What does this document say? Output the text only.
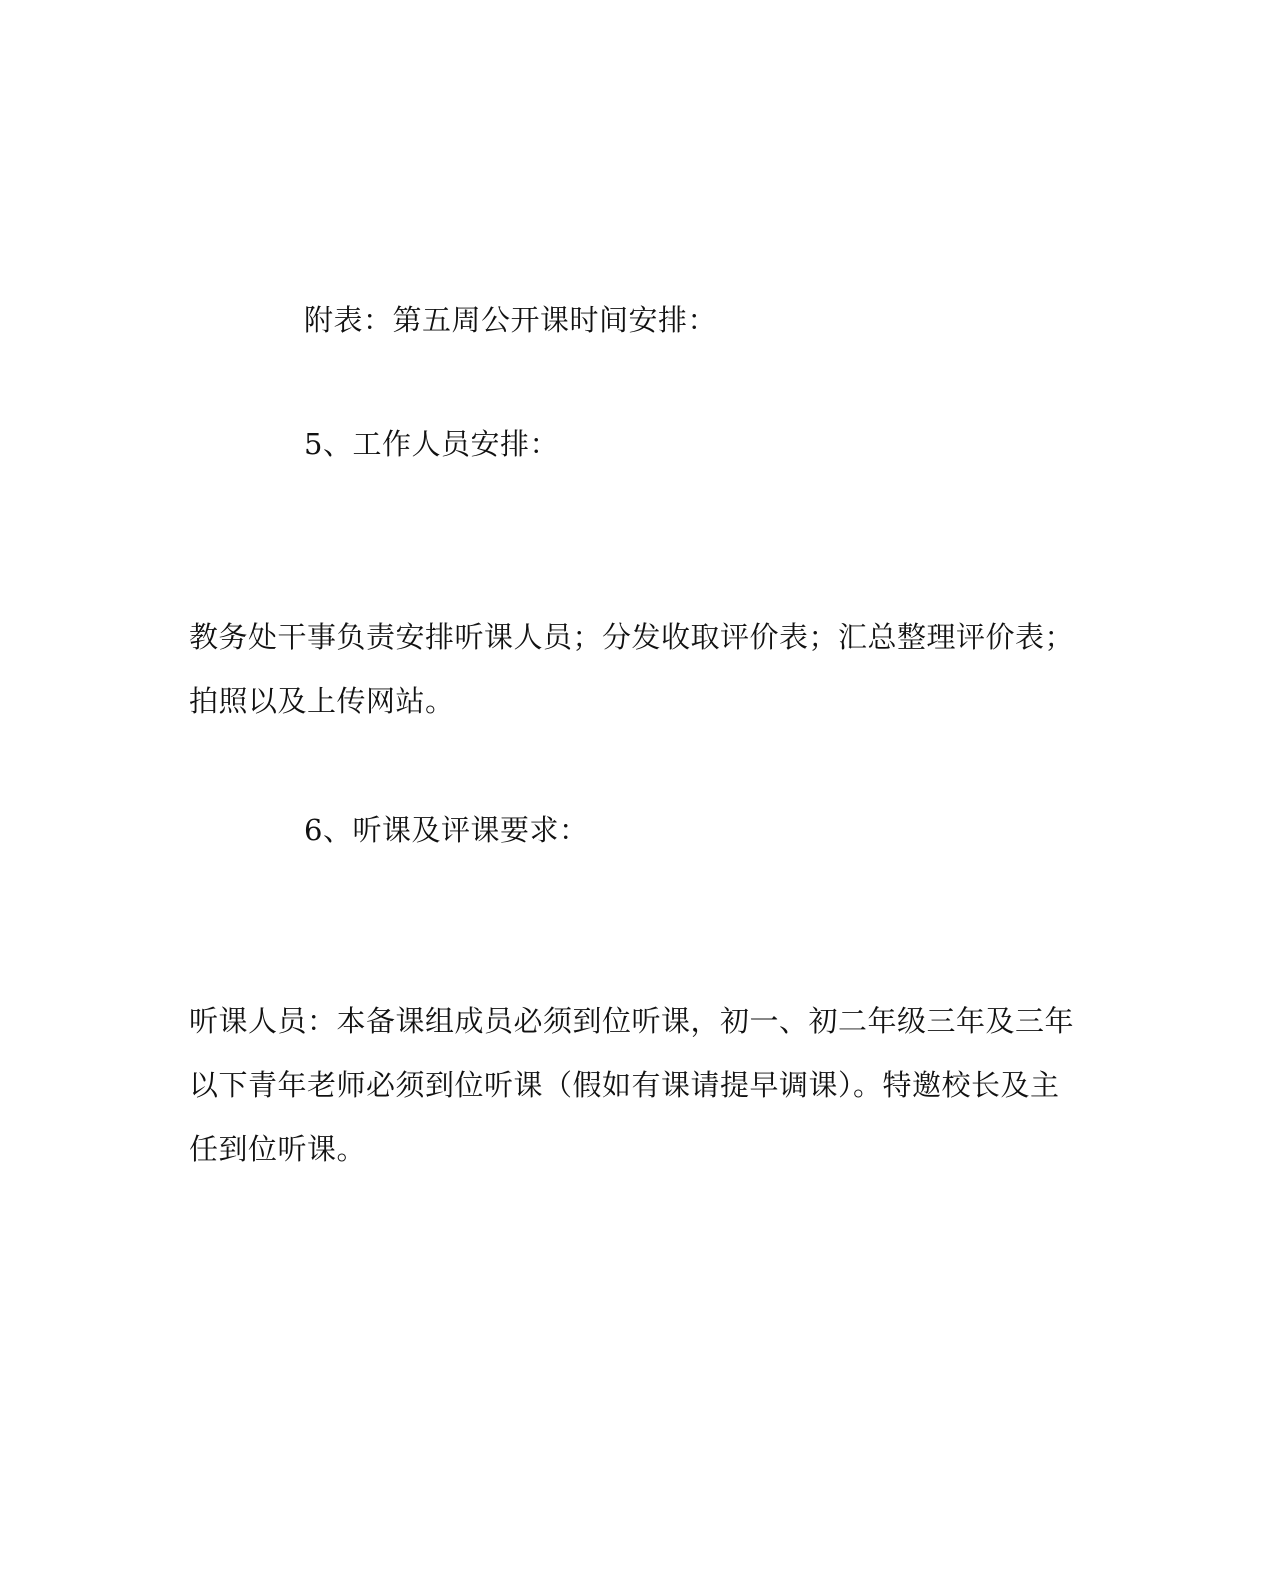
附表：第五周公开课时间安排：
5、工作人员安排：
教务处干事负责安排听课人员；分发收取评价表；汇总整理评价表；
拍照以及上传网站。
6、听课及评课要求：
听课人员：本备课组成员必须到位听课，初一、初二年级三年及三年
以下青年老师必须到位听课（假如有课请提早调课）。特邀校长及主
任到位听课。
